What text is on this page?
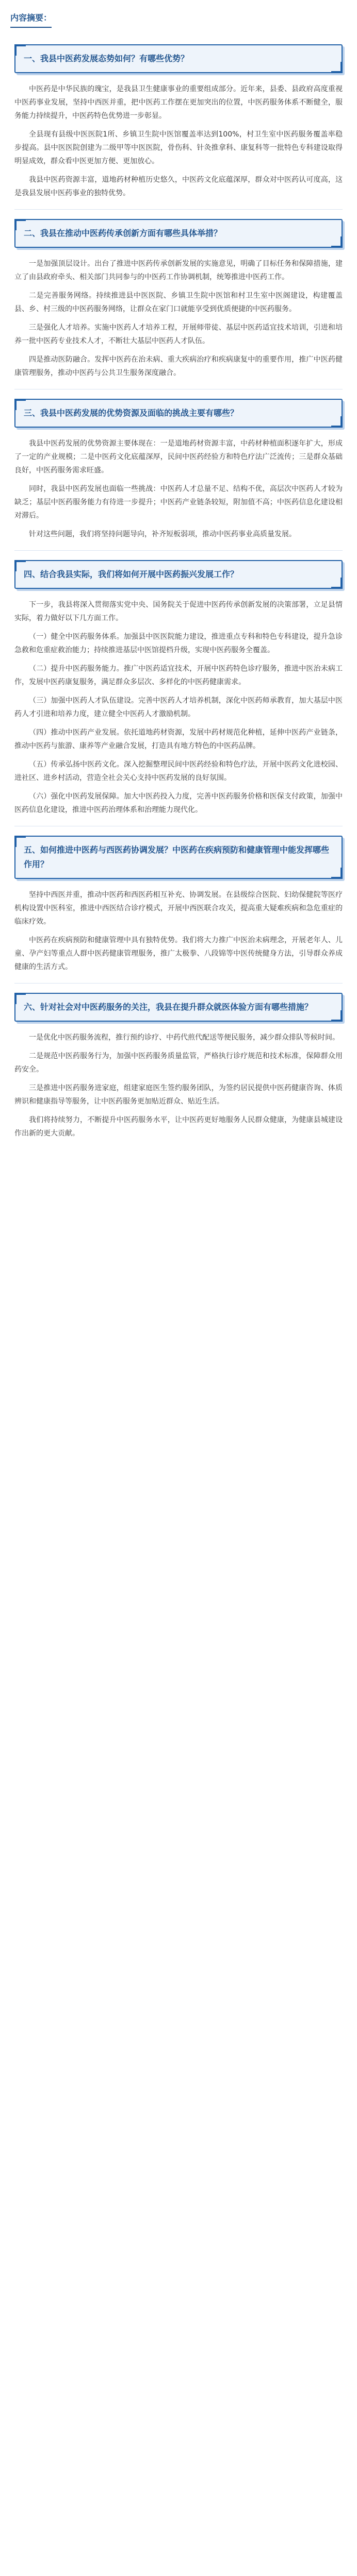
内容摘要：
一、我县中医药发展态势如何？有哪些优势？

中医药是中华民族的瑰宝，是我县卫生健康事业的重要组成部分。近年来，县委、县政府高度重视中医药事业发展，坚持中西医并重，把中医药工作摆在更加突出的位置，中医药服务体系不断健全，服务能力持续提升，中医药特色优势进一步彰显。

全县现有县级中医医院1所、乡镇卫生院中医馆覆盖率达到100%，村卫生室中医药服务覆盖率稳步提高。县中医医院创建为二级甲等中医医院，骨伤科、针灸推拿科、康复科等一批特色专科建设取得明显成效，群众看中医更加方便、更加放心。

我县中医药资源丰富，道地药材种植历史悠久，中医药文化底蕴深厚，群众对中医药认可度高，这是我县发展中医药事业的独特优势。

二、我县在推动中医药传承创新方面有哪些具体举措？

一是加强顶层设计。出台了推进中医药传承创新发展的实施意见，明确了目标任务和保障措施，建立了由县政府牵头、相关部门共同参与的中医药工作协调机制，统筹推进中医药工作。

二是完善服务网络。持续推进县中医医院、乡镇卫生院中医馆和村卫生室中医阁建设，构建覆盖县、乡、村三级的中医药服务网络，让群众在家门口就能享受到优质便捷的中医药服务。

三是强化人才培养。实施中医药人才培养工程，开展师带徒、基层中医药适宜技术培训，引进和培养一批中医药专业技术人才，不断壮大基层中医药人才队伍。

四是推动医防融合。发挥中医药在治未病、重大疾病治疗和疾病康复中的重要作用，推广中医药健康管理服务，推动中医药与公共卫生服务深度融合。

三、我县中医药发展的优势资源及面临的挑战主要有哪些？

我县中医药发展的优势资源主要体现在：一是道地药材资源丰富，中药材种植面积逐年扩大，形成了一定的产业规模；二是中医药文化底蕴深厚，民间中医药经验方和特色疗法广泛流传；三是群众基础良好，中医药服务需求旺盛。

同时，我县中医药发展也面临一些挑战：中医药人才总量不足、结构不优，高层次中医药人才较为缺乏；基层中医药服务能力有待进一步提升；中医药产业链条较短，附加值不高；中医药信息化建设相对滞后。

针对这些问题，我们将坚持问题导向，补齐短板弱项，推动中医药事业高质量发展。

四、结合我县实际，我们将如何开展中医药振兴发展工作？

下一步，我县将深入贯彻落实党中央、国务院关于促进中医药传承创新发展的决策部署，立足县情实际，着力做好以下几方面工作。

（一）健全中医药服务体系。加强县中医医院能力建设，推进重点专科和特色专科建设，提升急诊急救和危重症救治能力；持续推进基层中医馆提档升级，实现中医药服务全覆盖。

（二）提升中医药服务能力。推广中医药适宜技术，开展中医药特色诊疗服务，推进中医治未病工作，发展中医药康复服务，满足群众多层次、多样化的中医药健康需求。

（三）加强中医药人才队伍建设。完善中医药人才培养机制，深化中医药师承教育，加大基层中医药人才引进和培养力度，建立健全中医药人才激励机制。

（四）推动中医药产业发展。依托道地药材资源，发展中药材规范化种植，延伸中医药产业链条，推动中医药与旅游、康养等产业融合发展，打造具有地方特色的中医药品牌。

（五）传承弘扬中医药文化。深入挖掘整理民间中医药经验和特色疗法，开展中医药文化进校园、进社区、进乡村活动，营造全社会关心支持中医药发展的良好氛围。

（六）强化中医药发展保障。加大中医药投入力度，完善中医药服务价格和医保支付政策，加强中医药信息化建设，推进中医药治理体系和治理能力现代化。

五、如何推进中医药与西医药协调发展？中医药在疾病预防和健康管理中能发挥哪些作用？

坚持中西医并重，推动中医药和西医药相互补充、协调发展。在县级综合医院、妇幼保健院等医疗机构设置中医科室，推进中西医结合诊疗模式，开展中西医联合攻关，提高重大疑难疾病和急危重症的临床疗效。

中医药在疾病预防和健康管理中具有独特优势。我们将大力推广中医治未病理念，开展老年人、儿童、孕产妇等重点人群中医药健康管理服务，推广太极拳、八段锦等中医传统健身方法，引导群众养成健康的生活方式。

六、针对社会对中医药服务的关注，我县在提升群众就医体验方面有哪些措施？

一是优化中医药服务流程，推行预约诊疗、中药代煎代配送等便民服务，减少群众排队等候时间。

二是规范中医药服务行为，加强中医药服务质量监管，严格执行诊疗规范和技术标准，保障群众用药安全。

三是推进中医药服务进家庭，组建家庭医生签约服务团队，为签约居民提供中医药健康咨询、体质辨识和健康指导等服务，让中医药服务更加贴近群众、贴近生活。

我们将持续努力，不断提升中医药服务水平，让中医药更好地服务人民群众健康，为健康县城建设作出新的更大贡献。
